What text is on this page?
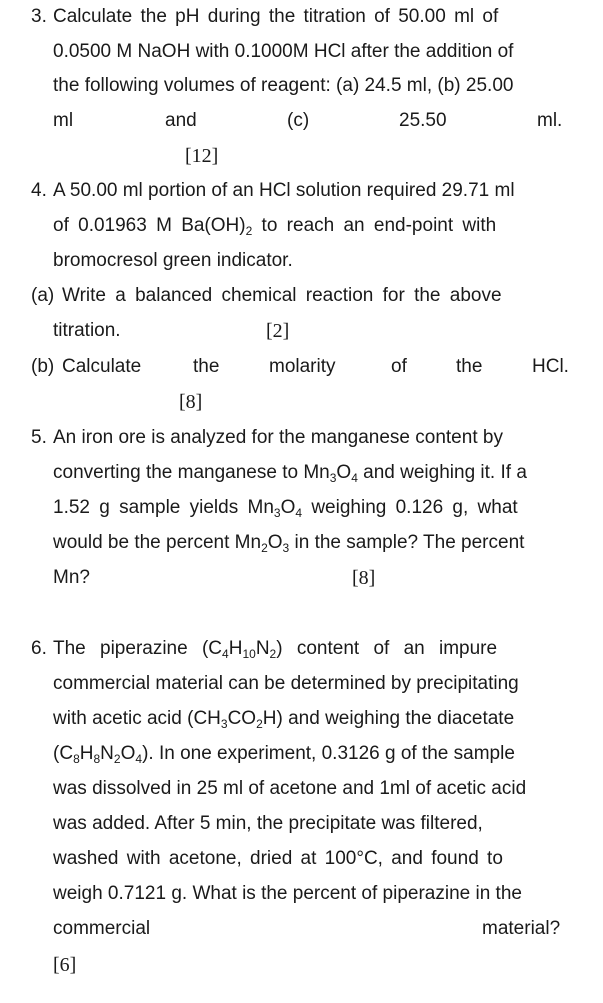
3. Calculate the pH during the titration of 50.00 ml of
0.0500 M NaOH with 0.1000M HCl after the addition of
the following volumes of reagent: (a) 24.5 ml, (b) 25.00
ml	and	(c)	25.50	ml.
[12]
4. A 50.00 ml portion of an HCl solution required 29.71 ml
of 0.01963 M $Ba(OH)_2$ to reach an end-point with
bromocresol green indicator.
(a) Write a balanced chemical reaction for the above
titration.	[2]
(b) Calculate	the	molarity	of	the	HCl.
[8]
5. An iron ore is analyzed for the manganese content by
converting the manganese to $Mn_3O_4$ and weighing it. If a
1.52 g sample yields $Mn_3O_4$ weighing 0.126 g, what
would be the percent $Mn_2O_3$ in the sample? The percent
Mn?	[8]
6. The piperazine $(C_4H_{10}N_2)$ content of an impure
commercial material can be determined by precipitating
with acetic acid $(CH_3CO_2H)$ and weighing the diacetate
$(C_8H_8N_2O_4)$. In one experiment, 0.3126 g of the sample
was dissolved in 25 ml of acetone and 1ml of acetic acid
was added. After 5 min, the precipitate was filtered,
washed with acetone, dried at 100°C, and found to
weigh 0.7121 g. What is the percent of piperazine in the
commercial	material?
[6]
